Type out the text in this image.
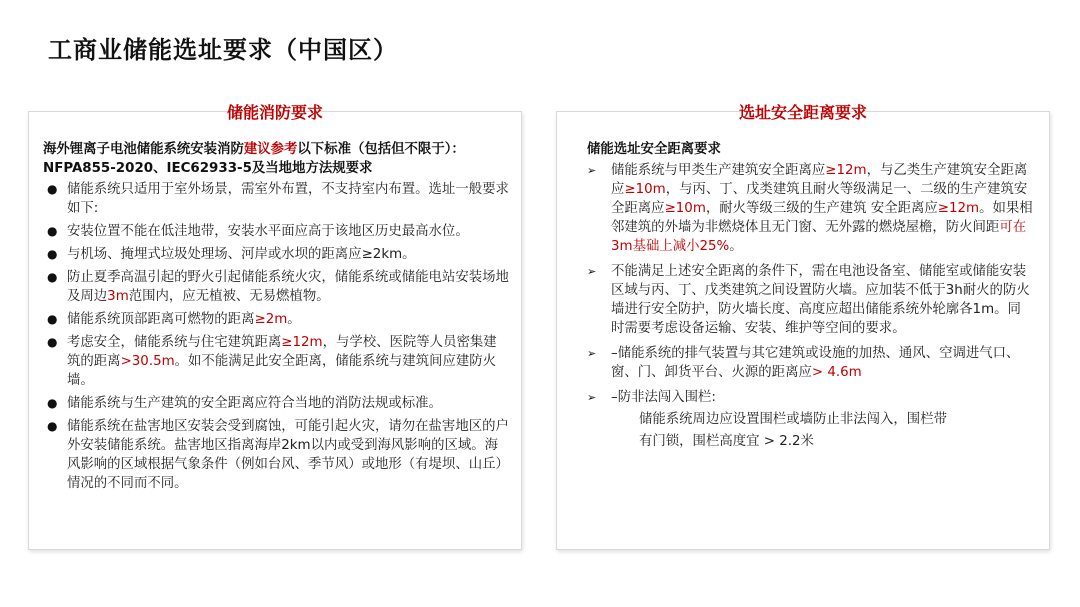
工商业储能选址要求（中国区）
储能消防要求

海外锂离子电池储能系统安装消防建议参考以下标准（包括但不限于）：NFPA855-2020、IEC62933-5及当地地方法规要求

● 储能系统只适用于室外场景，需室外布置，不支持室内布置。选址一般要求如下:
● 安装位置不能在低洼地带，安装水平面应高于该地区历史最高水位。
● 与机场、掩埋式垃圾处理场、河岸或水坝的距离应≥2km。
● 防止夏季高温引起的野火引起储能系统火灾，储能系统或储能电站安装场地及周边3m范围内，应无植被、无易燃植物。
● 储能系统顶部距离可燃物的距离≥2m。
● 考虑安全，储能系统与住宅建筑距离≥12m，与学校、医院等人员密集建筑的距离>30.5m。如不能满足此安全距离，储能系统与建筑间应建防火墙。
● 储能系统与生产建筑的安全距离应符合当地的消防法规或标准。
● 储能系统在盐害地区安装会受到腐蚀，可能引起火灾，请勿在盐害地区的户外安装储能系统。盐害地区指离海岸2km以内或受到海风影响的区域。海风影响的区域根据气象条件（例如台风、季节风）或地形（有堤坝、山丘）情况的不同而不同。
选址安全距离要求

储能选址安全距离要求

➢ 储能系统与甲类生产建筑安全距离应≥12m，与乙类生产建筑安全距离应≥10m，与丙、丁、戊类建筑且耐火等级满足一、二级的生产建筑安全距离应≥10m，耐火等级三级的生产建筑 安全距离应≥12m。如果相邻建筑的外墙为非燃烧体且无门窗、无外露的燃烧屋檐，防火间距可在3m基础上减小25%。
➢ 不能满足上述安全距离的条件下，需在电池设备室、储能室或储能安装区域与丙、丁、戊类建筑之间设置防火墙。应加装不低于3h耐火的防火墙进行安全防护，防火墙长度、高度应超出储能系统外轮廓各1m。同时需要考虑设备运输、安装、维护等空间的要求。
➢ –储能系统的排气装置与其它建筑或设施的加热、通风、空调进气口、窗、门、卸货平台、火源的距离应> 4.6m
➢ –防非法闯入围栏:
储能系统周边应设置围栏或墙防止非法闯入，围栏带
有门锁，围栏高度宜 > 2.2米
